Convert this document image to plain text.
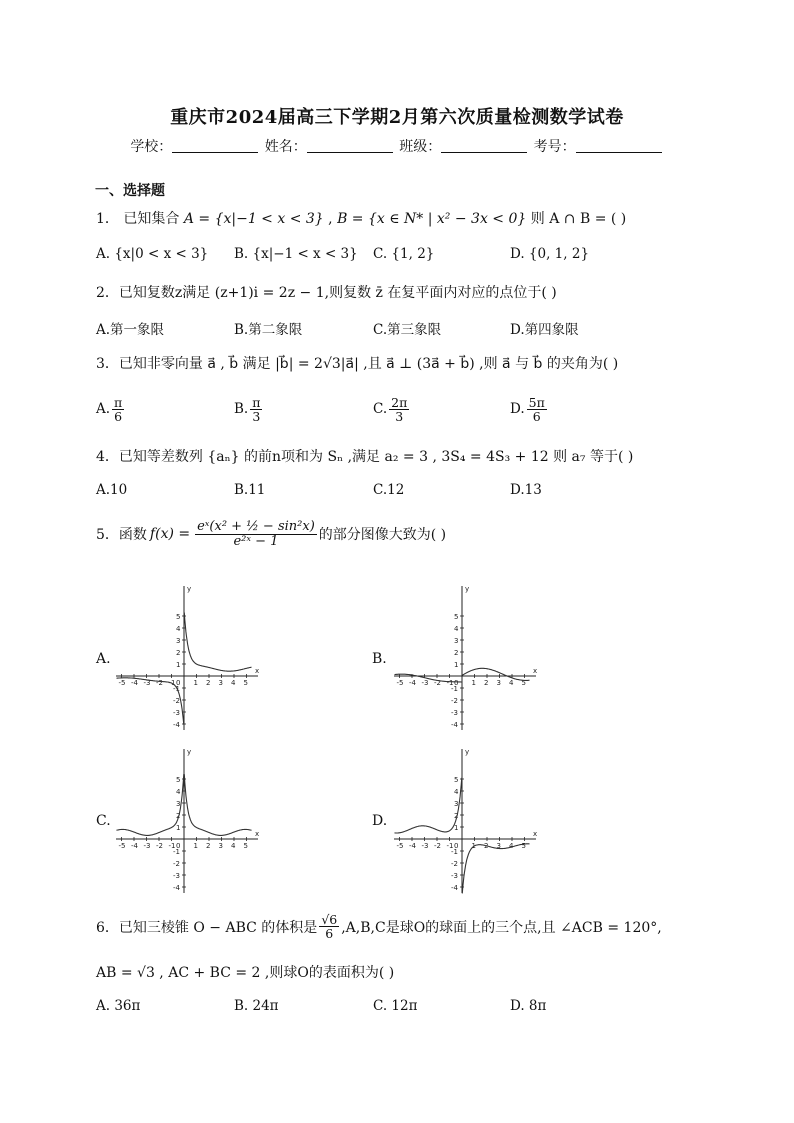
重庆市2024届高三下学期2月第六次质量检测数学试卷
学校：	姓名：	班级：	考号：
一、选择题
1． 已知集合 A = {x|−1 < x < 3} , B = {x ∈ N* | x² − 3x < 0} 则 A ∩ B = ( )
A. {x|0 < x < 3} B. {x|−1 < x < 3} C. {1, 2}	D. {0, 1, 2}
2．已知复数z满足 (z+1)i = 2z − 1,则复数 z̄ 在复平面内对应的点位于( )
A.第一象限	B.第二象限	C.第三象限	D.第四象限
3．已知非零向量 a⃗ , b⃗ 满足 |b⃗| = 2√3|a⃗| ,且 a⃗ ⊥ (3a⃗ + b⃗) ,则 a⃗ 与 b⃗ 的夹角为( )
A. $\frac{\pi}{6}$	B. $\frac{\pi}{3}$	C. $\frac{2\pi}{3}$	D. $\frac{5\pi}{6}$
4．已知等差数列 {aₙ} 的前n项和为 Sₙ ,满足 a₂ = 3 , 3S₄ = 4S₃ + 12 则 a₇ 等于( )
A.10	B.11	C.12	D.13
5． 函数 $f(x) = \frac{\text{eˣ(x² + ½ − sin²x)}}{\text{e²ˣ − 1}}$ 的部分图像大致为( )
A.	B.
C.	D.
x
y
0
-5 -4 -3 -2 -1	1 2 3 4 5
5
4
3
2
1
-1
-2
-3
-4
x
y
0
-5 -4 -3 -2 -1	1 2 3 4 5
5
4
3
2
1
-1
-2
-3
-4
x
y
0
-5 -4 -3 -2 -1	1 2 3 4 5
5
4
3
2
1
-1
-2
-3
-4
x
y
0
-5 -4 -3 -2 -1	1 2 3 4 5
5
4
3
2
1
-1
-2
-3
-4
6． 已知三棱锥 O − ABC 的体积是 $\frac{√6}{6} ,A,B,C$是球O的球面上的三个点,且 ∠ACB = 120°,
AB = √3 , AC + BC = 2 ,则球O的表面积为( )
A. 36π	B. 24π	C. 12π	D. 8π
